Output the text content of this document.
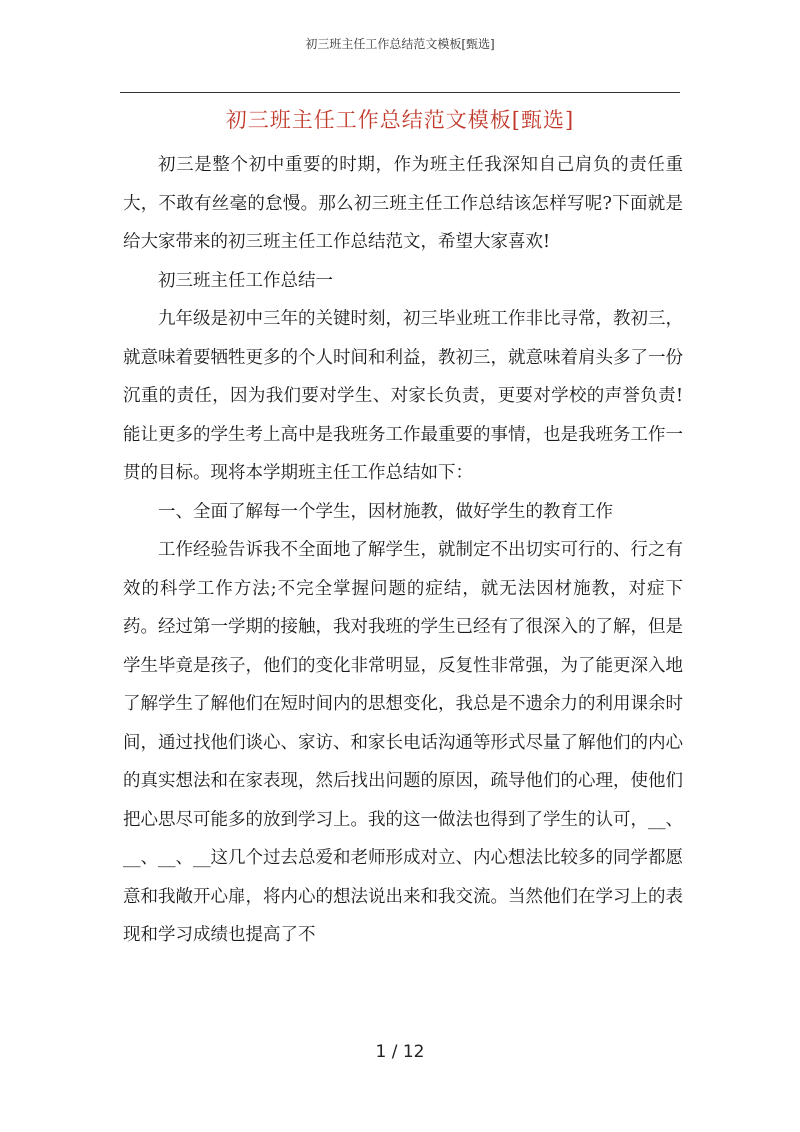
初三班主任工作总结范文模板[甄选]
初三班主任工作总结范文模板[甄选]

初三是整个初中重要的时期，作为班主任我深知自己肩负的责任重大，不敢有丝毫的怠慢。那么初三班主任工作总结该怎样写呢?下面就是给大家带来的初三班主任工作总结范文，希望大家喜欢!

初三班主任工作总结一

九年级是初中三年的关键时刻，初三毕业班工作非比寻常，教初三，就意味着要牺牲更多的个人时间和利益，教初三，就意味着肩头多了一份沉重的责任，因为我们要对学生、对家长负责，更要对学校的声誉负责!能让更多的学生考上高中是我班务工作最重要的事情，也是我班务工作一贯的目标。现将本学期班主任工作总结如下：

一、全面了解每一个学生，因材施教，做好学生的教育工作

工作经验告诉我不全面地了解学生，就制定不出切实可行的、行之有效的科学工作方法;不完全掌握问题的症结，就无法因材施教，对症下药。经过第一学期的接触，我对我班的学生已经有了很深入的了解，但是学生毕竟是孩子，他们的变化非常明显，反复性非常强，为了能更深入地了解学生了解他们在短时间内的思想变化，我总是不遗余力的利用课余时间，通过找他们谈心、家访、和家长电话沟通等形式尽量了解他们的内心的真实想法和在家表现，然后找出问题的原因，疏导他们的心理，使他们把心思尽可能多的放到学习上。我的这一做法也得到了学生的认可，__、__、__、__这几个过去总爱和老师形成对立、内心想法比较多的同学都愿意和我敞开心扉，将内心的想法说出来和我交流。当然他们在学习上的表现和学习成绩也提高了不

1 / 12
